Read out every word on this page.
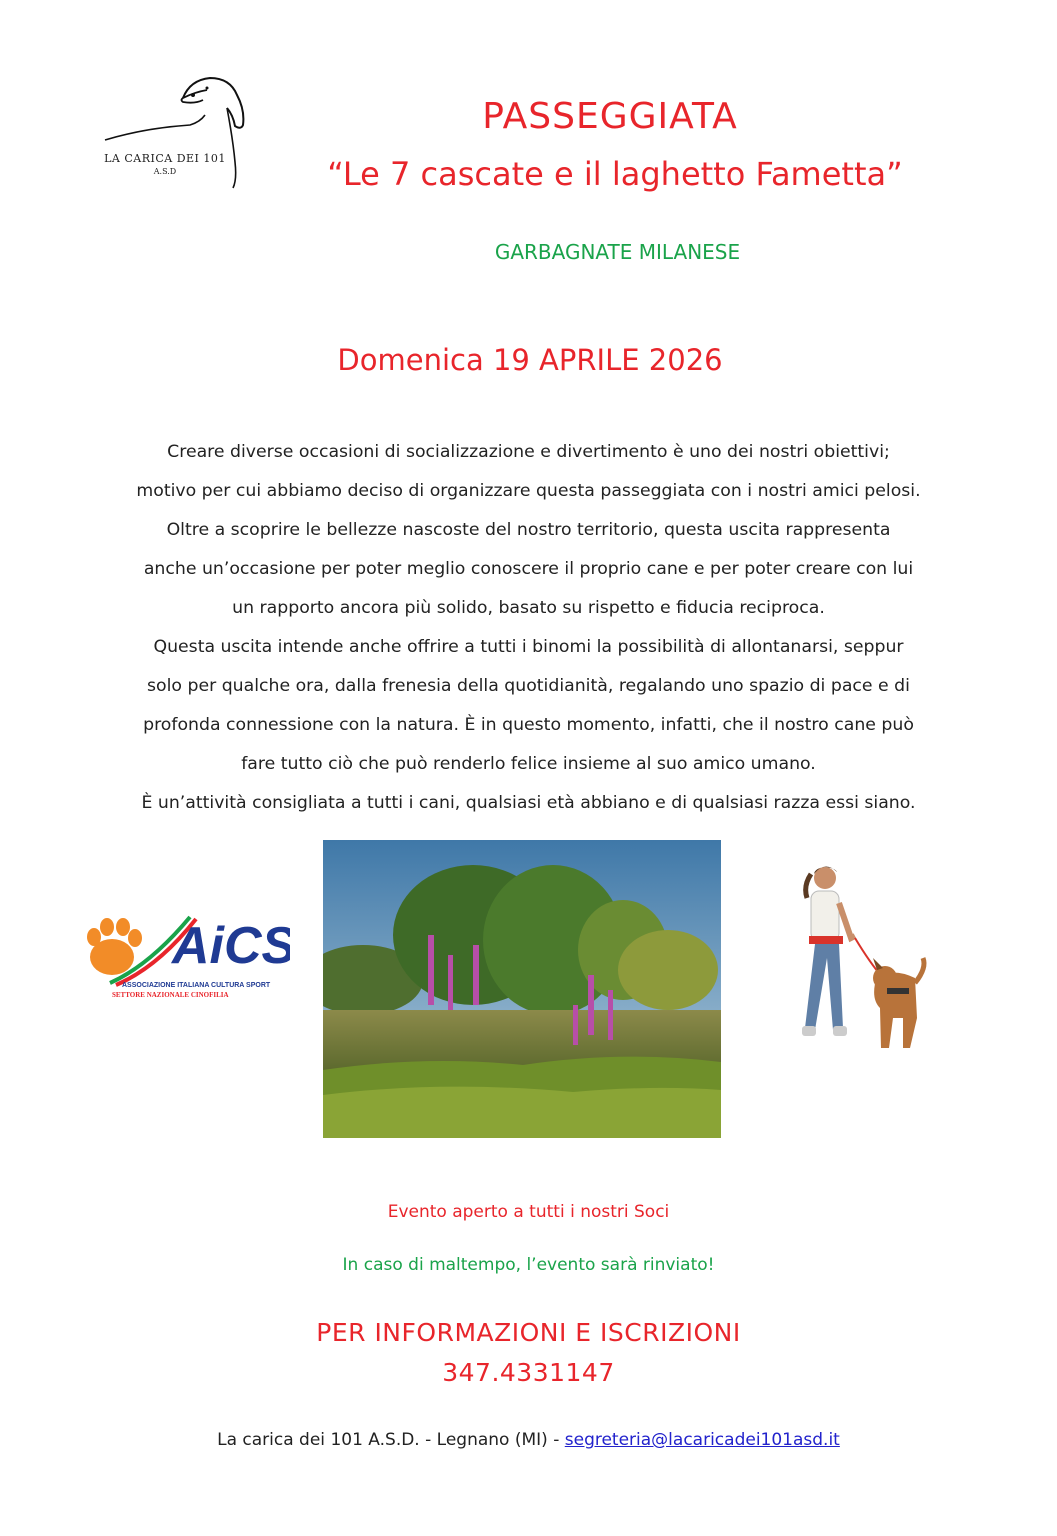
LA CARICA DEI 101
A.S.D
PASSEGGIATA
“Le 7 cascate e il laghetto Fametta”
GARBAGNATE MILANESE
Domenica 19 APRILE 2026

Creare diverse occasioni di socializzazione e divertimento è uno dei nostri obiettivi;

motivo per cui abbiamo deciso di organizzare questa passeggiata con i nostri amici pelosi.

Oltre a scoprire le bellezze nascoste del nostro territorio, questa uscita rappresenta

anche un’occasione per poter meglio conoscere il proprio cane e per poter creare con lui

un rapporto ancora più solido, basato su rispetto e fiducia reciproca.

Questa uscita intende anche offrire a tutti i binomi la possibilità di allontanarsi, seppur

solo per qualche ora, dalla frenesia della quotidianità, regalando uno spazio di pace e di

profonda connessione con la natura. È in questo momento, infatti, che il nostro cane può

fare tutto ciò che può renderlo felice insieme al suo amico umano.

È un’attività consigliata a tutti i cani, qualsiasi età abbiano e di qualsiasi razza essi siano.

AiCS
ASSOCIAZIONE ITALIANA CULTURA SPORT
SETTORE NAZIONALE CINOFILIA
Evento aperto a tutti i nostri Soci
In caso di maltempo, l’evento sarà rinviato!
PER INFORMAZIONI E ISCRIZIONI
347.4331147
La carica dei 101 A.S.D. - Legnano (MI) - segreteria@lacaricadei101asd.it
